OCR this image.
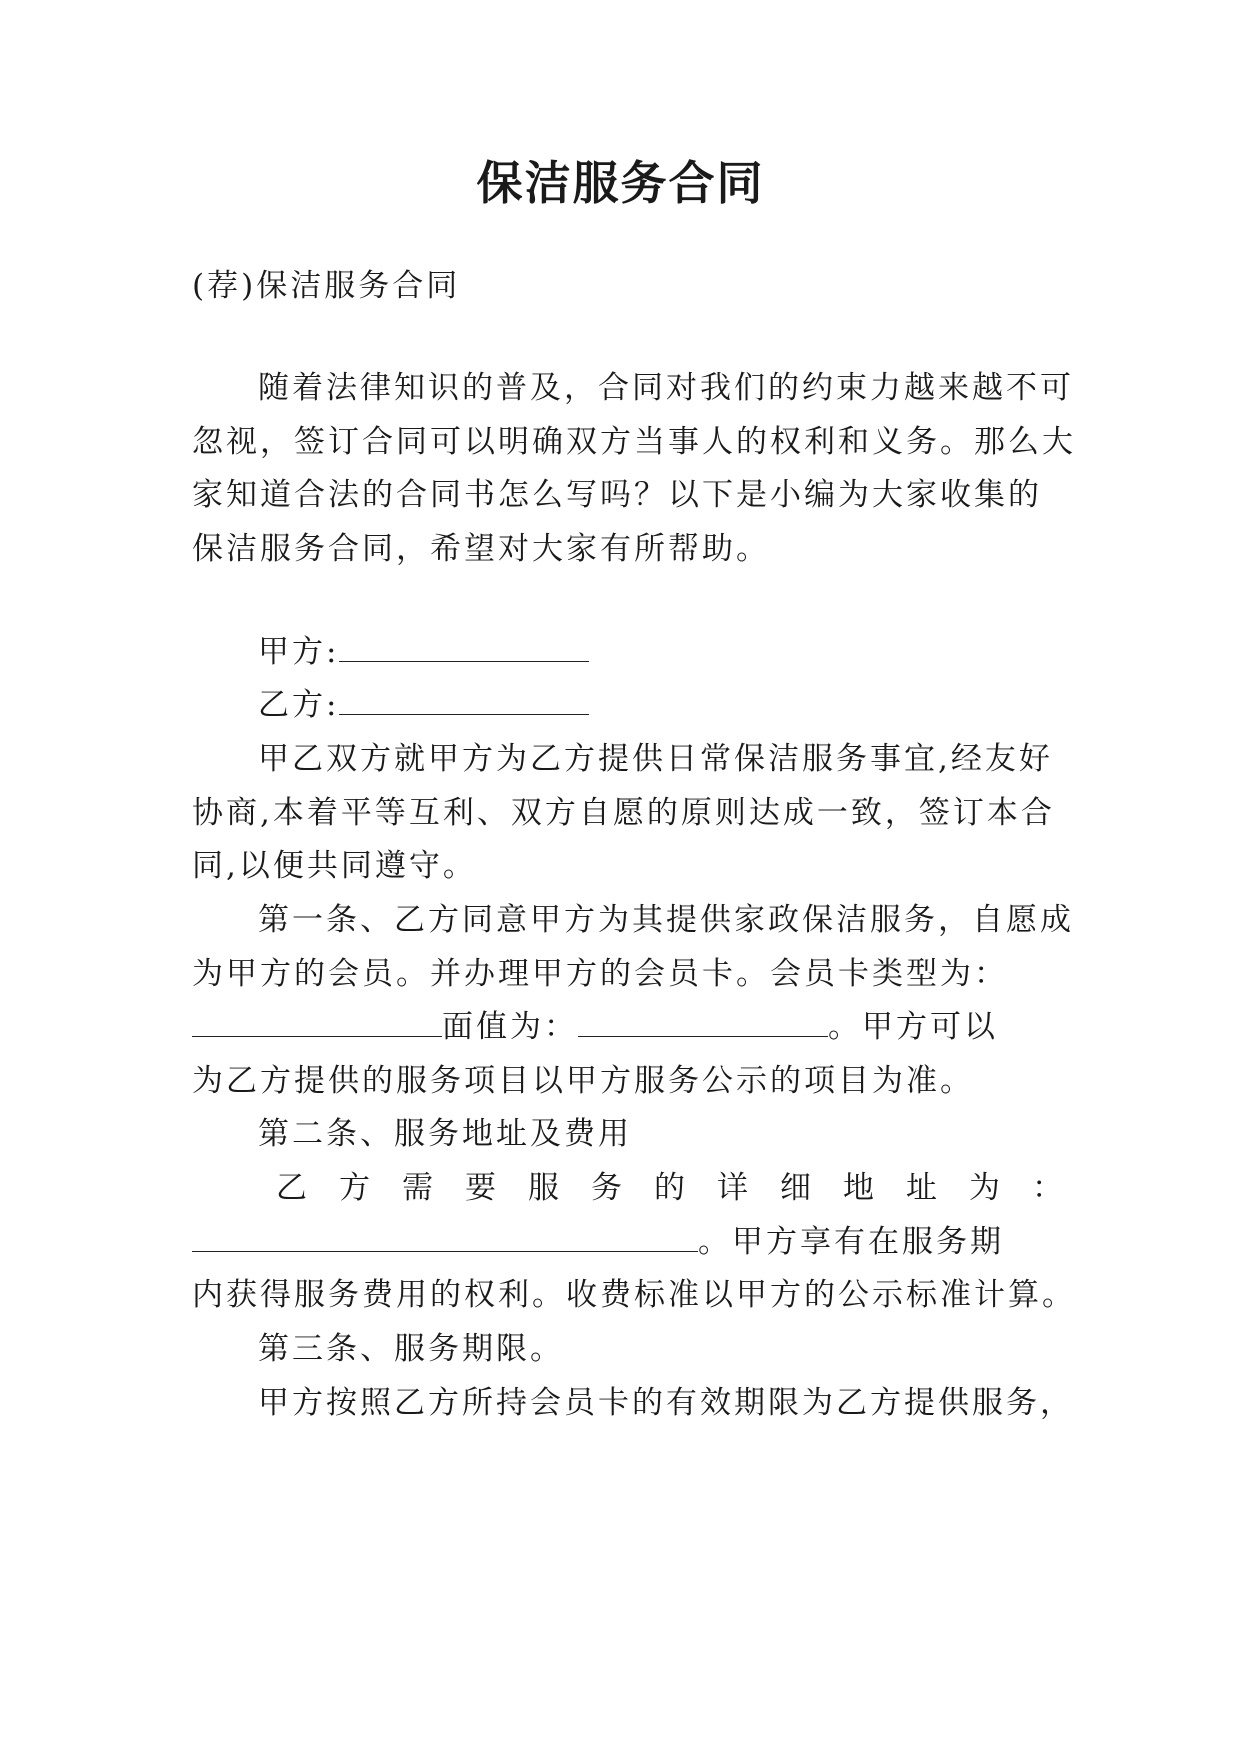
保洁服务合同
(荐)保洁服务合同
随着法律知识的普及，合同对我们的约束力越来越不可
忽视，签订合同可以明确双方当事人的权利和义务。那么大
家知道合法的合同书怎么写吗？以下是小编为大家收集的
保洁服务合同，希望对大家有所帮助。
甲方:
乙方:
甲乙双方就甲方为乙方提供日常保洁服务事宜,经友好
协商,本着平等互利、双方自愿的原则达成一致，签订本合
同,以便共同遵守。
第一条、乙方同意甲方为其提供家政保洁服务，自愿成
为甲方的会员。并办理甲方的会员卡。会员卡类型为：
面值为：	。甲方可以
为乙方提供的服务项目以甲方服务公示的项目为准。
第二条、服务地址及费用
乙方需要服务的详细地址为：
。甲方享有在服务期
内获得服务费用的权利。收费标准以甲方的公示标准计算。
第三条、服务期限。
甲方按照乙方所持会员卡的有效期限为乙方提供服务，
